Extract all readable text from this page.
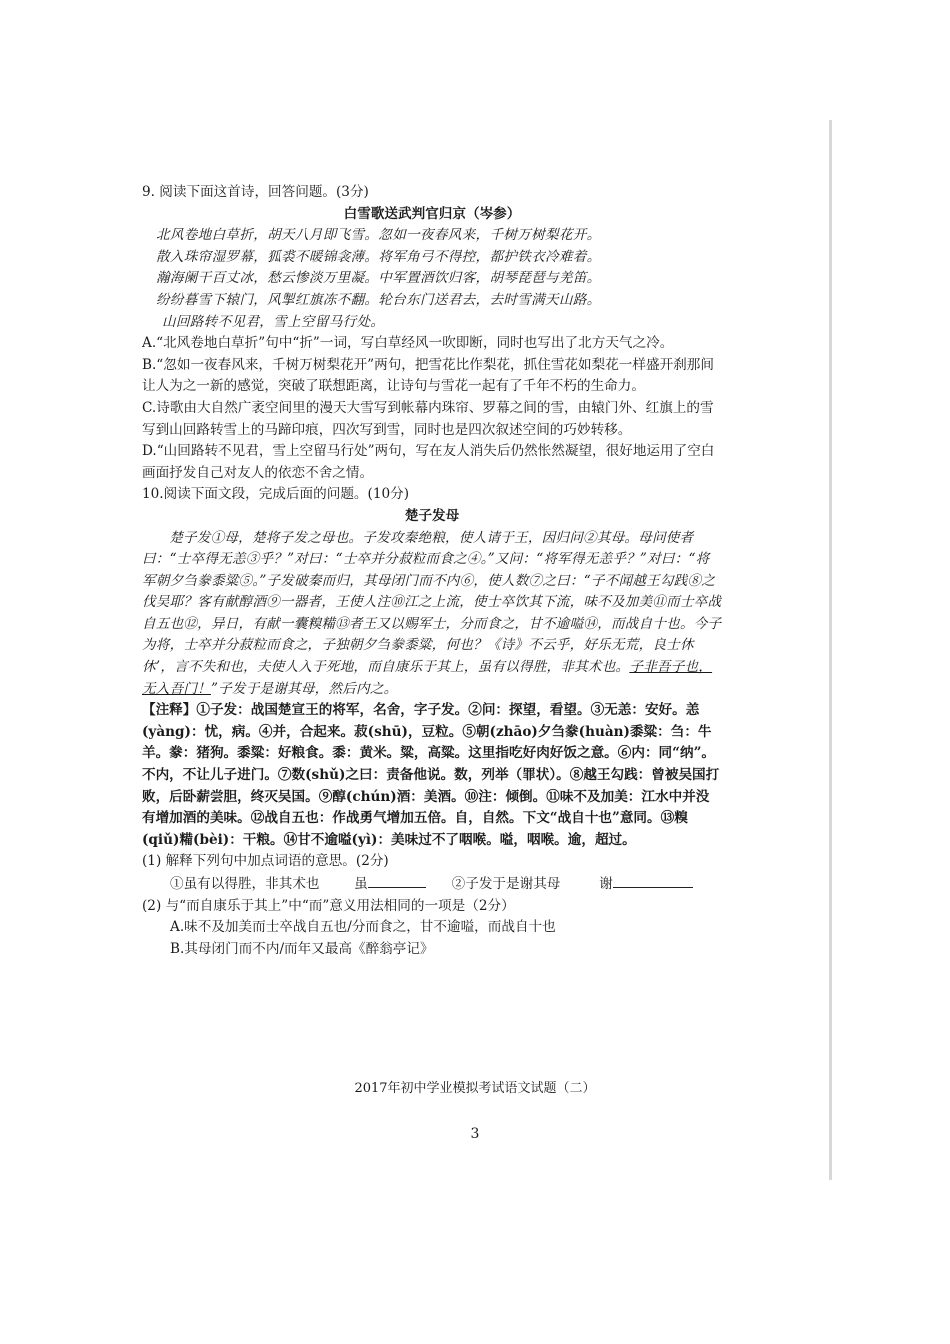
9. 阅读下面这首诗，回答问题。(3分)

白雪歌送武判官归京（岑参）

北风卷地白草折，胡天八月即飞雪。忽如一夜春风来，千树万树梨花开。
散入珠帘湿罗幕，狐裘不暖锦衾薄。将军角弓不得控，都护铁衣冷难着。
瀚海阑干百丈冰，愁云惨淡万里凝。中军置酒饮归客，胡琴琵琶与羌笛。
纷纷暮雪下辕门，风掣红旗冻不翻。轮台东门送君去，去时雪满天山路。
山回路转不见君，雪上空留马行处。

A.“北风卷地白草折”句中“折”一词，写白草经风一吹即断，同时也写出了北方天气之冷。

B.“忽如一夜春风来，千树万树梨花开”两句，把雪花比作梨花，抓住雪花如梨花一样盛开刹那间让人为之一新的感觉，突破了联想距离，让诗句与雪花一起有了千年不朽的生命力。

C.诗歌由大自然广袤空间里的漫天大雪写到帐幕内珠帘、罗幕之间的雪，由辕门外、红旗上的雪写到山回路转雪上的马蹄印痕，四次写到雪，同时也是四次叙述空间的巧妙转移。

D.“山回路转不见君，雪上空留马行处”两句，写在友人消失后仍然怅然凝望，很好地运用了空白画面抒发自己对友人的依恋不舍之情。

10.阅读下面文段，完成后面的问题。(10分)

楚子发母

楚子发①母，楚将子发之母也。子发攻秦绝粮，使人请于王，因归问②其母。母问使者曰：“士卒得无恙③乎？”对曰：“士卒并分菽粒而食之④。”又问：“将军得无恙乎？”对曰：“将军朝夕刍豢黍粱⑤。”子发破秦而归，其母闭门而不内⑥，使人数⑦之曰：“子不闻越王勾践⑧之伐吴耶？客有献醇酒⑨一器者，王使人注⑩江之上流，使士卒饮其下流，味不及加美⑪而士卒战自五也⑫，异日，有献一囊糗糒⑬者王又以赐军士，分而食之，甘不逾嗌⑭，而战自十也。今子为将，士卒并分菽粒而食之，子独朝夕刍豢黍粱，何也？《诗》不云乎，好乐无荒，良士休休’，言不失和也，夫使人入于死地，而自康乐于其上，虽有以得胜，非其术也。子非吾子也，无入吾门！”子发于是谢其母，然后内之。

【注释】①子发：战国楚宣王的将军，名舍，字子发。②问：探望，看望。③无恙：安好。恙(yàng)：忧，病。④并，合起来。菽(shū)，豆粒。⑤朝(zhāo)夕刍豢(huàn)黍粱：刍：牛羊。豢：猪狗。黍粱：好粮食。黍：黄米。粱，高粱。这里指吃好肉好饭之意。⑥内：同“纳”。不内，不让儿子进门。⑦数(shǔ)之曰：责备他说。数，列举（罪状）。⑧越王勾践：曾被吴国打败，后卧薪尝胆，终灭吴国。⑨醇(chún)酒：美酒。⑩注：倾倒。⑪味不及加美：江水中并没有增加酒的美味。⑫战自五也：作战勇气增加五倍。自，自然。下文“战自十也”意同。⑬糗(qiǔ)糒(bèi)：干粮。⑭甘不逾嗌(yì)：美味过不了咽喉。嗌，咽喉。逾，超过。

(1) 解释下列句中加点词语的意思。(2分)

①虽有以得胜，非其术也	虽	②子发于是谢其母	谢

(2) 与“而自康乐于其上”中“而”意义用法相同的一项是（2分）

A.味不及加美而士卒战自五也/分而食之，甘不逾嗌，而战自十也

B.其母闭门而不内/而年又最高《醉翁亭记》

2017年初中学业模拟考试语文试题（二）
3
